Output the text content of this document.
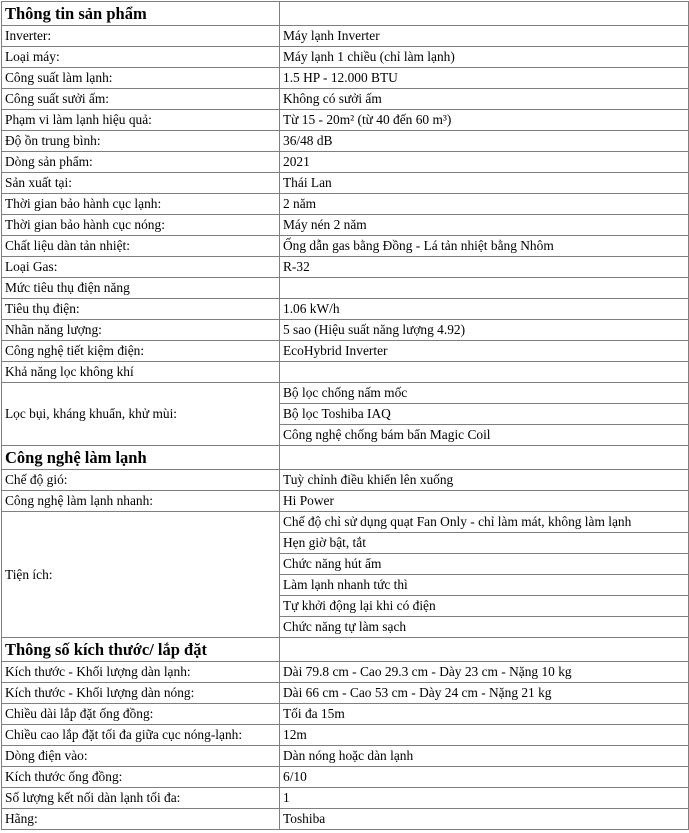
Thông tin sản phẩm	
Inverter:	Máy lạnh Inverter
Loại máy:	Máy lạnh 1 chiều (chỉ làm lạnh)
Công suất làm lạnh:	1.5 HP - 12.000 BTU
Công suất sưởi ấm:	Không có sưởi ấm
Phạm vi làm lạnh hiệu quả:	Từ 15 - 20m² (từ 40 đến 60 m³)
Độ ồn trung bình:	36/48 dB
Dòng sản phẩm:	2021
Sản xuất tại:	Thái Lan
Thời gian bảo hành cục lạnh:	2 năm
Thời gian bảo hành cục nóng:	Máy nén 2 năm
Chất liệu dàn tản nhiệt:	Ống dẫn gas bằng Đồng - Lá tản nhiệt bằng Nhôm
Loại Gas:	R-32
Mức tiêu thụ điện năng	
Tiêu thụ điện:	1.06 kW/h
Nhãn năng lượng:	5 sao (Hiệu suất năng lượng 4.92)
Công nghệ tiết kiệm điện:	EcoHybrid Inverter
Khả năng lọc không khí	
Lọc bụi, kháng khuẩn, khử mùi:	Bộ lọc chống nấm mốc
	Bộ lọc Toshiba IAQ
	Công nghệ chống bám bẩn Magic Coil
Công nghệ làm lạnh	
Chế độ gió:	Tuỳ chỉnh điều khiển lên xuống
Công nghệ làm lạnh nhanh:	Hi Power
Tiện ích:	Chế độ chỉ sử dụng quạt Fan Only - chỉ làm mát, không làm lạnh
	Hẹn giờ bật, tắt
	Chức năng hút ẩm
	Làm lạnh nhanh tức thì
	Tự khởi động lại khi có điện
	Chức năng tự làm sạch
Thông số kích thước/ lắp đặt	
Kích thước - Khối lượng dàn lạnh:	Dài 79.8 cm - Cao 29.3 cm - Dày 23 cm - Nặng 10 kg
Kích thước - Khối lượng dàn nóng:	Dài 66 cm - Cao 53 cm - Dày 24 cm - Nặng 21 kg
Chiều dài lắp đặt ống đồng:	Tối đa 15m
Chiều cao lắp đặt tối đa giữa cục nóng-lạnh:	12m
Dòng điện vào:	Dàn nóng hoặc dàn lạnh
Kích thước ống đồng:	6/10
Số lượng kết nối dàn lạnh tối đa:	1
Hãng:	Toshiba
